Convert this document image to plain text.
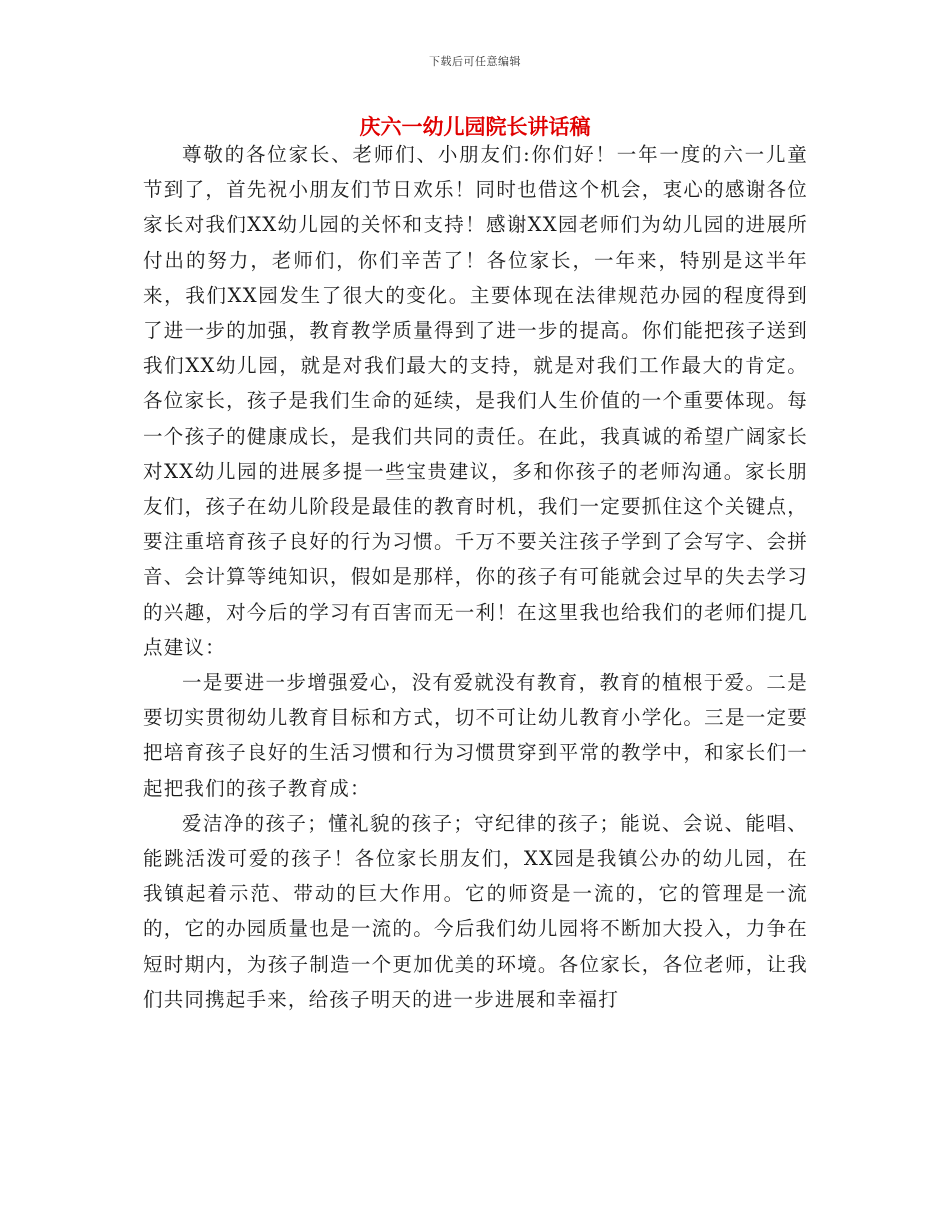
下载后可任意编辑
庆六一幼儿园院长讲话稿

尊敬的各位家长、老师们、小朋友们:你们好！一年一度的六一儿童节到了，首先祝小朋友们节日欢乐！同时也借这个机会，衷心的感谢各位家长对我们XX幼儿园的关怀和支持！感谢XX园老师们为幼儿园的进展所付出的努力，老师们，你们辛苦了！各位家长，一年来，特别是这半年来，我们XX园发生了很大的变化。主要体现在法律规范办园的程度得到了进一步的加强，教育教学质量得到了进一步的提高。你们能把孩子送到我们XX幼儿园，就是对我们最大的支持，就是对我们工作最大的肯定。各位家长，孩子是我们生命的延续，是我们人生价值的一个重要体现。每一个孩子的健康成长，是我们共同的责任。在此，我真诚的希望广阔家长对XX幼儿园的进展多提一些宝贵建议，多和你孩子的老师沟通。家长朋友们，孩子在幼儿阶段是最佳的教育时机，我们一定要抓住这个关键点，要注重培育孩子良好的行为习惯。千万不要关注孩子学到了会写字、会拼音、会计算等纯知识，假如是那样，你的孩子有可能就会过早的失去学习的兴趣，对今后的学习有百害而无一利！在这里我也给我们的老师们提几点建议：

一是要进一步增强爱心，没有爱就没有教育，教育的植根于爱。二是要切实贯彻幼儿教育目标和方式，切不可让幼儿教育小学化。三是一定要把培育孩子良好的生活习惯和行为习惯贯穿到平常的教学中，和家长们一起把我们的孩子教育成：

爱洁净的孩子；懂礼貌的孩子；守纪律的孩子；能说、会说、能唱、能跳活泼可爱的孩子！各位家长朋友们，XX园是我镇公办的幼儿园，在我镇起着示范、带动的巨大作用。它的师资是一流的，它的管理是一流的，它的办园质量也是一流的。今后我们幼儿园将不断加大投入，力争在短时期内，为孩子制造一个更加优美的环境。各位家长，各位老师，让我们共同携起手来，给孩子明天的进一步进展和幸福打
